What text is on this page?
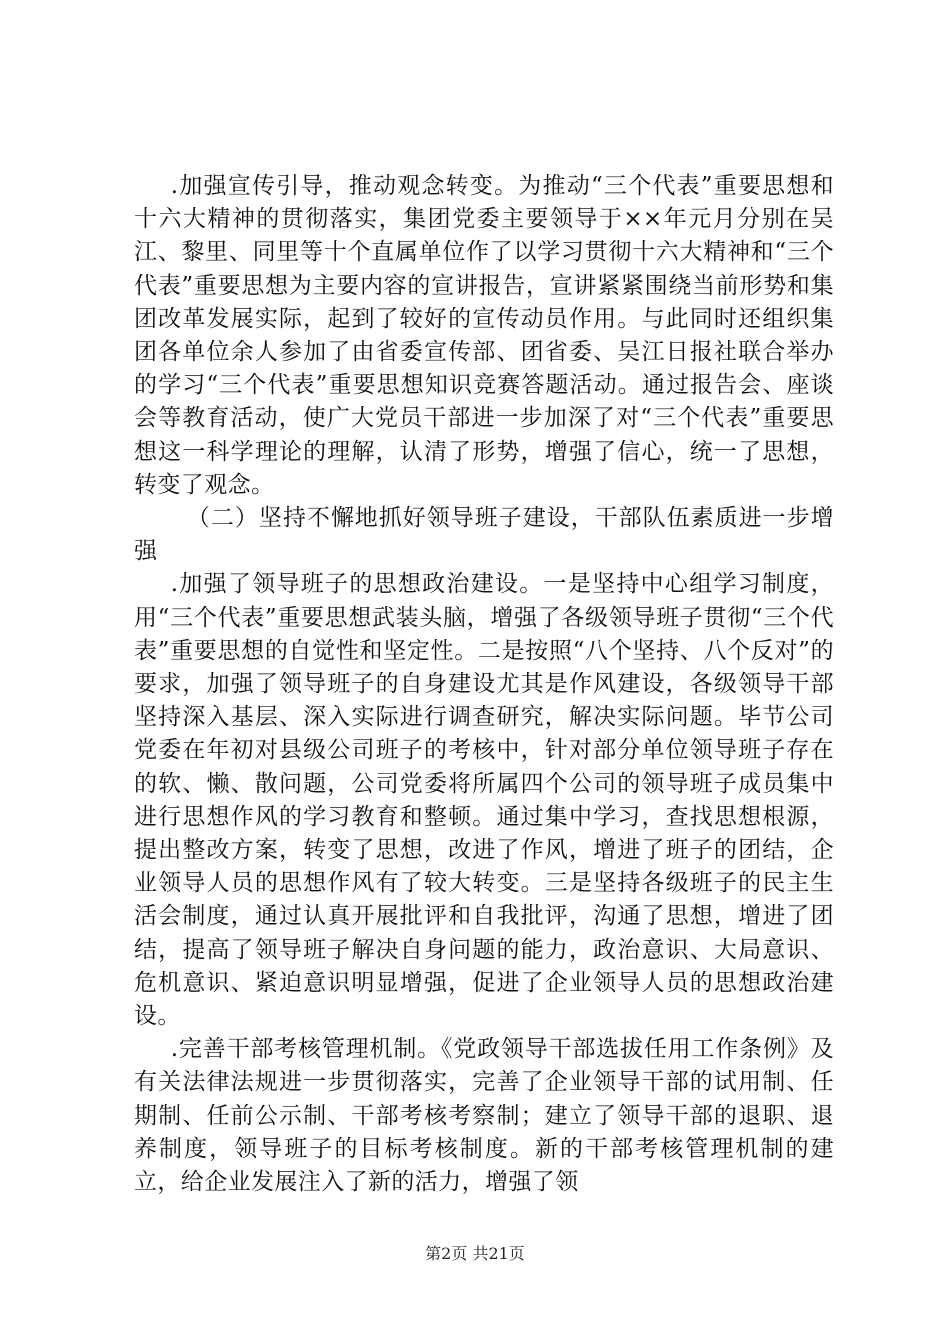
.加强宣传引导，推动观念转变。为推动“三个代表”重要思想和十六大精神的贯彻落实，集团党委主要领导于××年元月分别在吴江、黎里、同里等十个直属单位作了以学习贯彻十六大精神和“三个代表”重要思想为主要内容的宣讲报告，宣讲紧紧围绕当前形势和集团改革发展实际，起到了较好的宣传动员作用。与此同时还组织集团各单位余人参加了由省委宣传部、团省委、吴江日报社联合举办的学习“三个代表”重要思想知识竞赛答题活动。通过报告会、座谈会等教育活动，使广大党员干部进一步加深了对“三个代表”重要思想这一科学理论的理解，认清了形势，增强了信心，统一了思想，转变了观念。

（二）坚持不懈地抓好领导班子建设，干部队伍素质进一步增强

.加强了领导班子的思想政治建设。一是坚持中心组学习制度，用“三个代表”重要思想武装头脑，增强了各级领导班子贯彻“三个代表”重要思想的自觉性和坚定性。二是按照“八个坚持、八个反对”的要求，加强了领导班子的自身建设尤其是作风建设，各级领导干部坚持深入基层、深入实际进行调查研究，解决实际问题。毕节公司党委在年初对县级公司班子的考核中，针对部分单位领导班子存在的软、懒、散问题，公司党委将所属四个公司的领导班子成员集中进行思想作风的学习教育和整顿。通过集中学习，查找思想根源，提出整改方案，转变了思想，改进了作风，增进了班子的团结，企业领导人员的思想作风有了较大转变。三是坚持各级班子的民主生活会制度，通过认真开展批评和自我批评，沟通了思想，增进了团结，提高了领导班子解决自身问题的能力，政治意识、大局意识、危机意识、紧迫意识明显增强，促进了企业领导人员的思想政治建设。

.完善干部考核管理机制。《党政领导干部选拔任用工作条例》及有关法律法规进一步贯彻落实，完善了企业领导干部的试用制、任期制、任前公示制、干部考核考察制；建立了领导干部的退职、退养制度，领导班子的目标考核制度。新的干部考核管理机制的建立，给企业发展注入了新的活力，增强了领

第2页 共21页
